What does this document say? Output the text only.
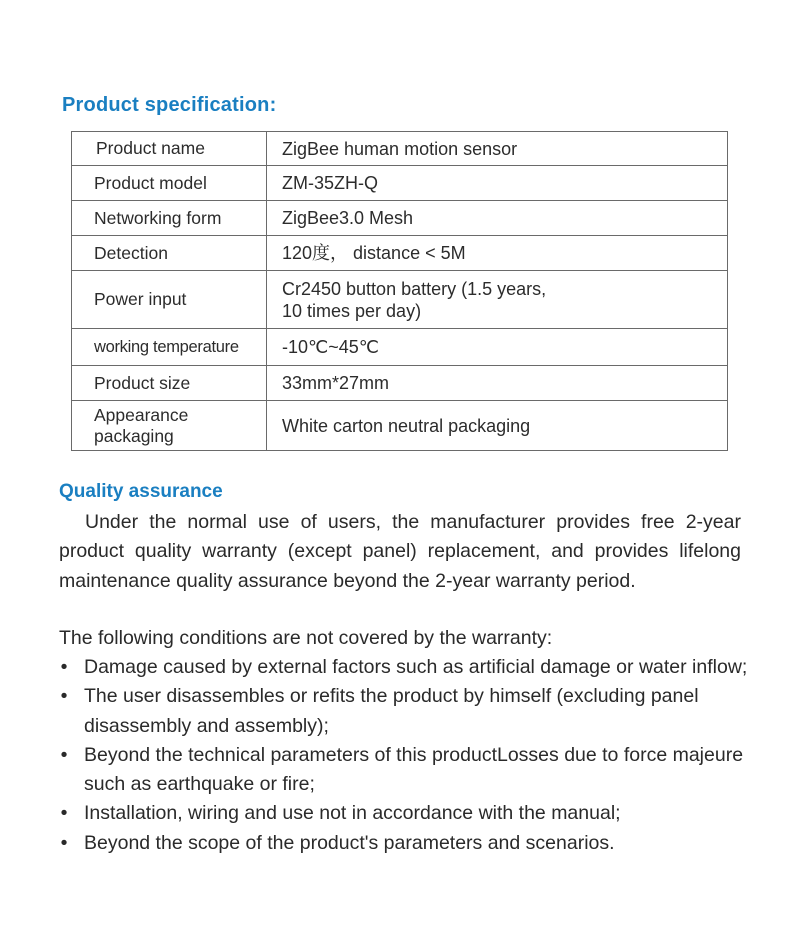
Product specification:
Product name	ZigBee human motion sensor
Product model	ZM-35ZH-Q
Networking form	ZigBee3.0 Mesh
Detection	120度， distance < 5M
Power input	Cr2450 button battery (1.5 years,
10 times per day)

working temperature	-10℃~45℃
Product size	33mm*27mm

Appearance
packaging	White carton neutral packaging
Quality assurance
Under the normal use of users, the manufacturer provides free 2-year product quality warranty (except panel) replacement, and provides lifelong maintenance quality assurance beyond the 2-year warranty period.
The following conditions are not covered by the warranty:
• Damage caused by external factors such as artificial damage or water inflow;
• The user disassembles or refits the product by himself (excluding panel disassembly and assembly);
• Beyond the technical parameters of this productLosses due to force majeure such as earthquake or fire;
• Installation, wiring and use not in accordance with the manual;
• Beyond the scope of the product's parameters and scenarios.
